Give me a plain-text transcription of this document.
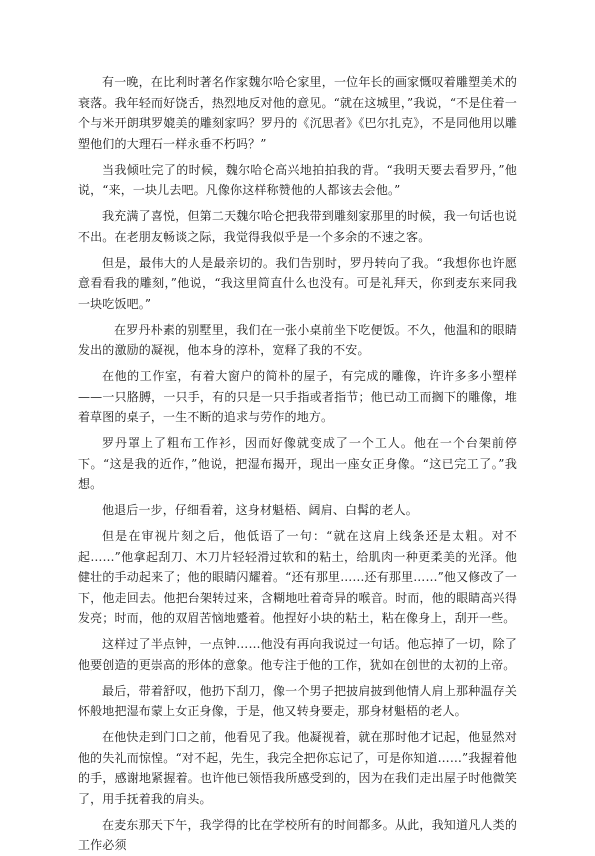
有一晚，在比利时著名作家魏尔哈仑家里，一位年长的画家慨叹着雕塑美术的衰落。我年轻而好饶舌，热烈地反对他的意见。“就在这城里，”我说，“不是住着一个与米开朗琪罗媲美的雕刻家吗？罗丹的《沉思者》《巴尔扎克》，不是同他用以雕塑他们的大理石一样永垂不朽吗？”

当我倾吐完了的时候，魏尔哈仑高兴地拍拍我的背。“我明天要去看罗丹，”他说，“来，一块儿去吧。凡像你这样称赞他的人都该去会他。”

我充满了喜悦，但第二天魏尔哈仑把我带到雕刻家那里的时候，我一句话也说不出。在老朋友畅谈之际，我觉得我似乎是一个多余的不速之客。

但是，最伟大的人是最亲切的。我们告别时，罗丹转向了我。“我想你也许愿意看看我的雕刻，”他说，“我这里简直什么也没有。可是礼拜天，你到麦东来同我一块吃饭吧。”

在罗丹朴素的别墅里，我们在一张小桌前坐下吃便饭。不久，他温和的眼睛发出的激励的凝视，他本身的淳朴，宽释了我的不安。

在他的工作室，有着大窗户的简朴的屋子，有完成的雕像，许许多多小塑样——一只胳膊，一只手，有的只是一只手指或者指节；他已动工而搁下的雕像，堆着草图的桌子，一生不断的追求与劳作的地方。

罗丹罩上了粗布工作衫，因而好像就变成了一个工人。他在一个台架前停下。“这是我的近作，”他说，把湿布揭开，现出一座女正身像。“这已完工了。”我想。

他退后一步，仔细看着，这身材魁梧、阔肩、白髯的老人。

但是在审视片刻之后，他低语了一句：“就在这肩上线条还是太粗。对不起……”他拿起刮刀、木刀片轻轻滑过软和的粘土，给肌肉一种更柔美的光泽。他健壮的手动起来了；他的眼睛闪耀着。“还有那里……还有那里……”他又修改了一下，他走回去。他把台架转过来，含糊地吐着奇异的喉音。时而，他的眼睛高兴得发亮；时而，他的双眉苦恼地蹙着。他捏好小块的粘土，粘在像身上，刮开一些。

这样过了半点钟，一点钟……他没有再向我说过一句话。他忘掉了一切，除了他要创造的更崇高的形体的意象。他专注于他的工作，犹如在创世的太初的上帝。

最后，带着舒叹，他扔下刮刀，像一个男子把披肩披到他情人肩上那种温存关怀般地把湿布蒙上女正身像，于是，他又转身要走，那身材魁梧的老人。

在他快走到门口之前，他看见了我。他凝视着，就在那时他才记起，他显然对他的失礼而惊惶。“对不起，先生，我完全把你忘记了，可是你知道……”我握着他的手，感谢地紧握着。也许他已领悟我所感受到的，因为在我们走出屋子时他微笑了，用手抚着我的肩头。

在麦东那天下午，我学得的比在学校所有的时间都多。从此，我知道凡人类的工作必须
